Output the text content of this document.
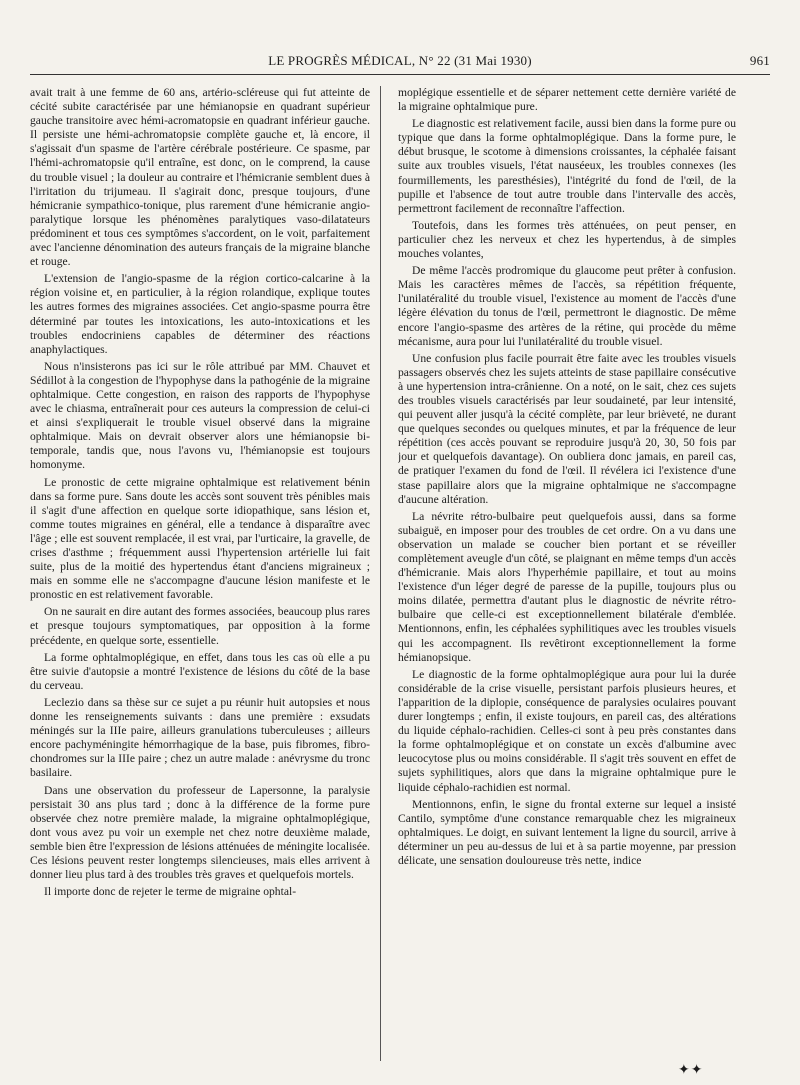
LE PROGRÈS MÉDICAL, N° 22 (31 Mai 1930)	961

avait trait à une femme de 60 ans, artério-scléreuse qui fut atteinte de cécité subite caractérisée par une hémianopsie en quadrant supérieur gauche transitoire avec hémi-acromatopsie en quadrant inférieur gauche. Il persiste une hémi-achromatopsie complète gauche et, là encore, il s'agissait d'un spasme de l'artère cérébrale postérieure. Ce spasme, par l'hémi-achromatopsie qu'il entraîne, est donc, on le comprend, la cause du trouble visuel ; la douleur au contraire et l'hémicranie semblent dues à l'irritation du trijumeau. Il s'agirait donc, presque toujours, d'une hémicranie sympathico-tonique, plus rarement d'une hémicranie angio-paralytique lorsque les phénomènes paralytiques vaso-dilatateurs prédominent et tous ces symptômes s'accordent, on le voit, parfaitement avec l'ancienne dénomination des auteurs français de la migraine blanche et rouge.

L'extension de l'angio-spasme de la région cortico-calcarine à la région voisine et, en particulier, à la région rolandique, explique toutes les autres formes des migraines associées. Cet angio-spasme pourra être déterminé par toutes les intoxications, les auto-intoxications et les troubles endocriniens capables de déterminer des réactions anaphylactiques.

Nous n'insisterons pas ici sur le rôle attribué par MM. Chauvet et Sédillot à la congestion de l'hypophyse dans la pathogénie de la migraine ophtalmique. Cette congestion, en raison des rapports de l'hypophyse avec le chiasma, entraînerait pour ces auteurs la compression de celui-ci et ainsi s'expliquerait le trouble visuel observé dans la migraine ophtalmique. Mais on devrait observer alors une hémianopsie bi-temporale, tandis que, nous l'avons vu, l'hémianopsie est toujours homonyme.

Le pronostic de cette migraine ophtalmique est relativement bénin dans sa forme pure. Sans doute les accès sont souvent très pénibles mais il s'agit d'une affection en quelque sorte idiopathique, sans lésion et, comme toutes migraines en général, elle a tendance à disparaître avec l'âge ; elle est souvent remplacée, il est vrai, par l'urticaire, la gravelle, de crises d'asthme ; fréquemment aussi l'hypertension artérielle lui fait suite, plus de la moitié des hypertendus étant d'anciens migraineux ; mais en somme elle ne s'accompagne d'aucune lésion manifeste et le pronostic en est relativement favorable.

On ne saurait en dire autant des formes associées, beaucoup plus rares et presque toujours symptomatiques, par opposition à la forme précédente, en quelque sorte, essentielle.

La forme ophtalmoplégique, en effet, dans tous les cas où elle a pu être suivie d'autopsie a montré l'existence de lésions du côté de la base du cerveau.

Leclezio dans sa thèse sur ce sujet a pu réunir huit autopsies et nous donne les renseignements suivants : dans une première : exsudats méningés sur la IIIe paire, ailleurs granulations tuberculeuses ; ailleurs encore pachyméningite hémorrhagique de la base, puis fibromes, fibro-chondromes sur la IIIe paire ; chez un autre malade : anévrysme du tronc basilaire.

Dans une observation du professeur de Lapersonne, la paralysie persistait 30 ans plus tard ; donc à la différence de la forme pure observée chez notre première malade, la migraine ophtalmoplégique, dont vous avez pu voir un exemple net chez notre deuxième malade, semble bien être l'expression de lésions atténuées de méningite localisée. Ces lésions peuvent rester longtemps silencieuses, mais elles arrivent à donner lieu plus tard à des troubles très graves et quelquefois mortels.

Il importe donc de rejeter le terme de migraine ophtal-

moplégique essentielle et de séparer nettement cette dernière variété de la migraine ophtalmique pure.

Le diagnostic est relativement facile, aussi bien dans la forme pure ou typique que dans la forme ophtalmoplégique. Dans la forme pure, le début brusque, le scotome à dimensions croissantes, la céphalée faisant suite aux troubles visuels, l'état nauséeux, les troubles connexes (les fourmillements, les paresthésies), l'intégrité du fond de l'œil, de la pupille et l'absence de tout autre trouble dans l'intervalle des accès, permettront facilement de reconnaître l'affection.

Toutefois, dans les formes très atténuées, on peut penser, en particulier chez les nerveux et chez les hypertendus, à de simples mouches volantes,

De même l'accès prodromique du glaucome peut prêter à confusion. Mais les caractères mêmes de l'accès, sa répétition fréquente, l'unilatéralité du trouble visuel, l'existence au moment de l'accès d'une légère élévation du tonus de l'œil, permettront le diagnostic. De même encore l'angio-spasme des artères de la rétine, qui procède du même mécanisme, aura pour lui l'unilatéralité du trouble visuel.

Une confusion plus facile pourrait être faite avec les troubles visuels passagers observés chez les sujets atteints de stase papillaire consécutive à une hypertension intra-crânienne. On a noté, on le sait, chez ces sujets des troubles visuels caractérisés par leur soudaineté, par leur intensité, qui peuvent aller jusqu'à la cécité complète, par leur brièveté, ne durant que quelques secondes ou quelques minutes, et par la fréquence de leur répétition (ces accès pouvant se reproduire jusqu'à 20, 30, 50 fois par jour et quelquefois davantage). On oubliera donc jamais, en pareil cas, de pratiquer l'examen du fond de l'œil. Il révélera ici l'existence d'une stase papillaire alors que la migraine ophtalmique ne s'accompagne d'aucune altération.

La névrite rétro-bulbaire peut quelquefois aussi, dans sa forme subaiguë, en imposer pour des troubles de cet ordre. On a vu dans une observation un malade se coucher bien portant et se réveiller complètement aveugle d'un côté, se plaignant en même temps d'un accès d'hémicranie. Mais alors l'hyperhémie papillaire, et tout au moins l'existence d'un léger degré de paresse de la pupille, toujours plus ou moins dilatée, permettra d'autant plus le diagnostic de névrite rétro-bulbaire que celle-ci est exceptionnellement bilatérale d'emblée. Mentionnons, enfin, les céphalées syphilitiques avec les troubles visuels qui les accompagnent. Ils revêtiront exceptionnellement la forme hémianopsique.

Le diagnostic de la forme ophtalmoplégique aura pour lui la durée considérable de la crise visuelle, persistant parfois plusieurs heures, et l'apparition de la diplopie, conséquence de paralysies oculaires pouvant durer longtemps ; enfin, il existe toujours, en pareil cas, des altérations du liquide céphalo-rachidien. Celles-ci sont à peu près constantes dans la forme ophtalmoplégique et on constate un excès d'albumine avec leucocytose plus ou moins considérable. Il s'agit très souvent en effet de sujets syphilitiques, alors que dans la migraine ophtalmique pure le liquide céphalo-rachidien est normal.

Mentionnons, enfin, le signe du frontal externe sur lequel a insisté Cantilo, symptôme d'une constance remarquable chez les migraineux ophtalmiques. Le doigt, en suivant lentement la ligne du sourcil, arrive à déterminer un peu au-dessus de lui et à sa partie moyenne, par pression délicate, une sensation douloureuse très nette, indice

✦✦
